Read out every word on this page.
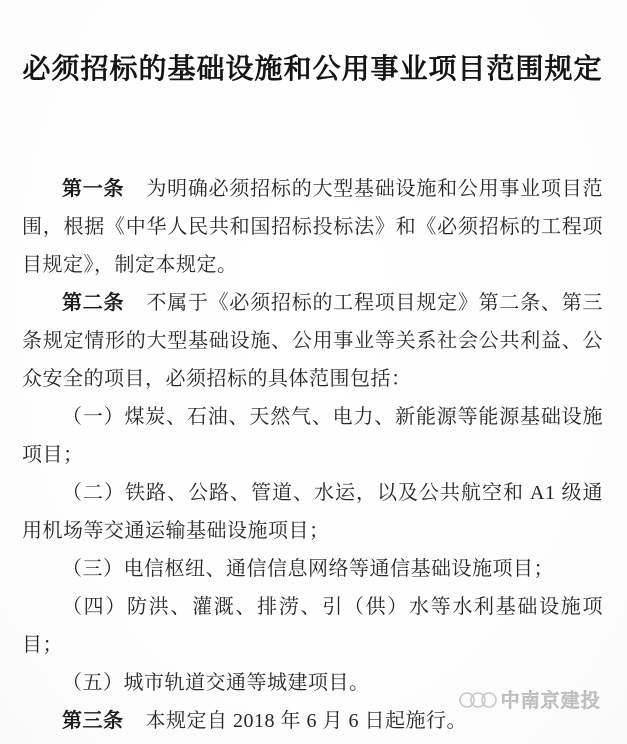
必须招标的基础设施和公用事业项目范围规定

第一条 为明确必须招标的大型基础设施和公用事业项目范围，根据《中华人民共和国招标投标法》和《必须招标的工程项目规定》，制定本规定。

第二条 不属于《必须招标的工程项目规定》第二条、第三条规定情形的大型基础设施、公用事业等关系社会公共利益、公众安全的项目，必须招标的具体范围包括：

（一）煤炭、石油、天然气、电力、新能源等能源基础设施项目；

（二）铁路、公路、管道、水运，以及公共航空和 A1 级通用机场等交通运输基础设施项目；

（三）电信枢纽、通信信息网络等通信基础设施项目；

（四）防洪、灌溉、排涝、引（供）水等水利基础设施项目；

（五）城市轨道交通等城建项目。

第三条 本规定自 2018 年 6 月 6 日起施行。

中南京建投
